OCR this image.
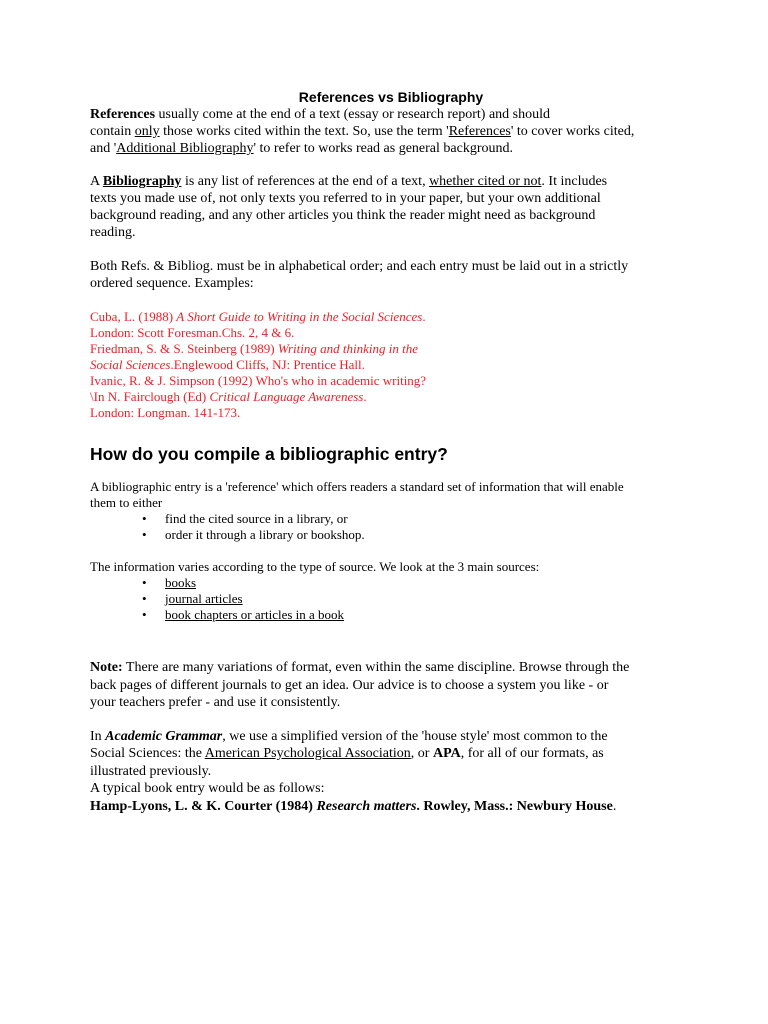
References vs Bibliography

References usually come at the end of a text (essay or research report) and should

contain only those works cited within the text. So, use the term 'References' to cover works cited,

and 'Additional Bibliography' to refer to works read as general background.

A Bibliography is any list of references at the end of a text, whether cited or not. It includes

texts you made use of, not only texts you referred to in your paper, but your own additional

background reading, and any other articles you think the reader might need as background

reading.

Both Refs. & Bibliog. must be in alphabetical order; and each entry must be laid out in a strictly

ordered sequence. Examples:

Cuba, L. (1988) A Short Guide to Writing in the Social Sciences.

London: Scott Foresman.Chs. 2, 4 & 6.

Friedman, S. & S. Steinberg (1989) Writing and thinking in the

Social Sciences.Englewood Cliffs, NJ: Prentice Hall.

Ivanic, R. & J. Simpson (1992) Who's who in academic writing?

\In N. Fairclough (Ed) Critical Language Awareness.

London: Longman. 141-173.

How do you compile a bibliographic entry?

A bibliographic entry is a 'reference' which offers readers a standard set of information that will enable

them to either

• find the cited source in a library, or
• order it through a library or bookshop.

The information varies according to the type of source. We look at the 3 main sources:

• books
• journal articles
• book chapters or articles in a book

Note: There are many variations of format, even within the same discipline. Browse through the

back pages of different journals to get an idea. Our advice is to choose a system you like - or

your teachers prefer - and use it consistently.

In Academic Grammar, we use a simplified version of the 'house style' most common to the

Social Sciences: the American Psychological Association, or APA, for all of our formats, as

illustrated previously.

A typical book entry would be as follows:

Hamp-Lyons, L. & K. Courter (1984) Research matters. Rowley, Mass.: Newbury House.
